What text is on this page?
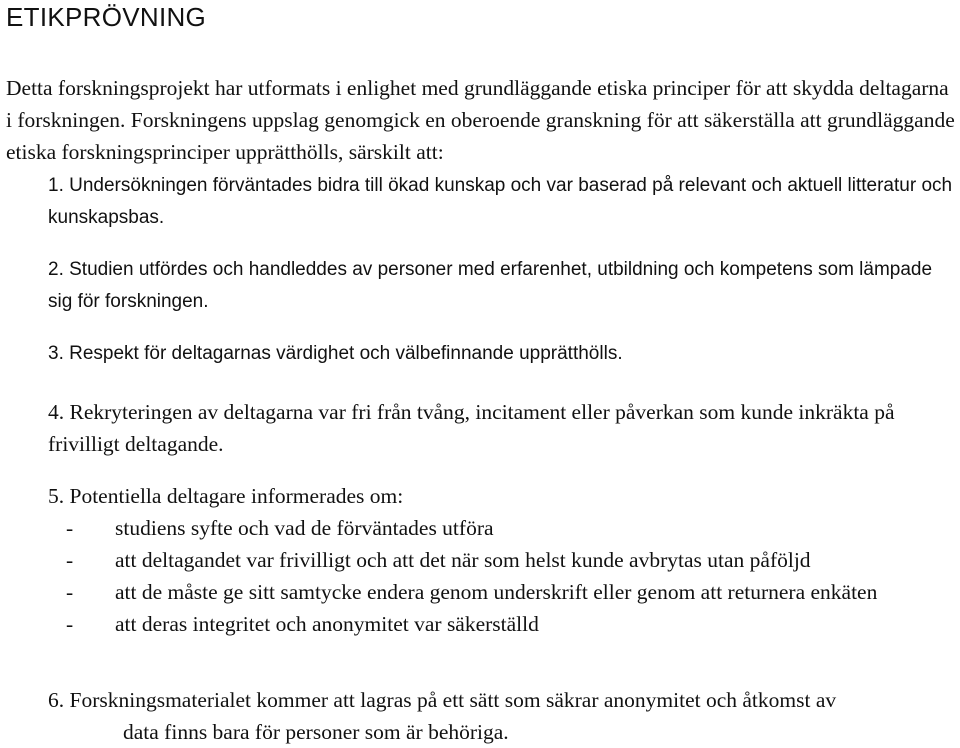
ETIKPRÖVNING

Detta forskningsprojekt har utformats i enlighet med grundläggande etiska principer för att skydda deltagarna i forskningen. Forskningens uppslag genomgick en oberoende granskning för att säkerställa att grundläggande etiska forskningsprinciper upprätthölls, särskilt att:

1. Undersökningen förväntades bidra till ökad kunskap och var baserad på relevant och aktuell litteratur och kunskapsbas.

2. Studien utfördes och handleddes av personer med erfarenhet, utbildning och kompetens som lämpade sig för forskningen.

3. Respekt för deltagarnas värdighet och välbefinnande upprätthölls.

4. Rekryteringen av deltagarna var fri från tvång, incitament eller påverkan som kunde inkräkta på frivilligt deltagande.

5. Potentiella deltagare informerades om:
- studiens syfte och vad de förväntades utföra
- att deltagandet var frivilligt och att det när som helst kunde avbrytas utan påföljd
- att de måste ge sitt samtycke endera genom underskrift eller genom att returnera enkäten
- att deras integritet och anonymitet var säkerställd
6. Forskningsmaterialet kommer att lagras på ett sätt som säkrar anonymitet och åtkomst av
data finns bara för personer som är behöriga.
